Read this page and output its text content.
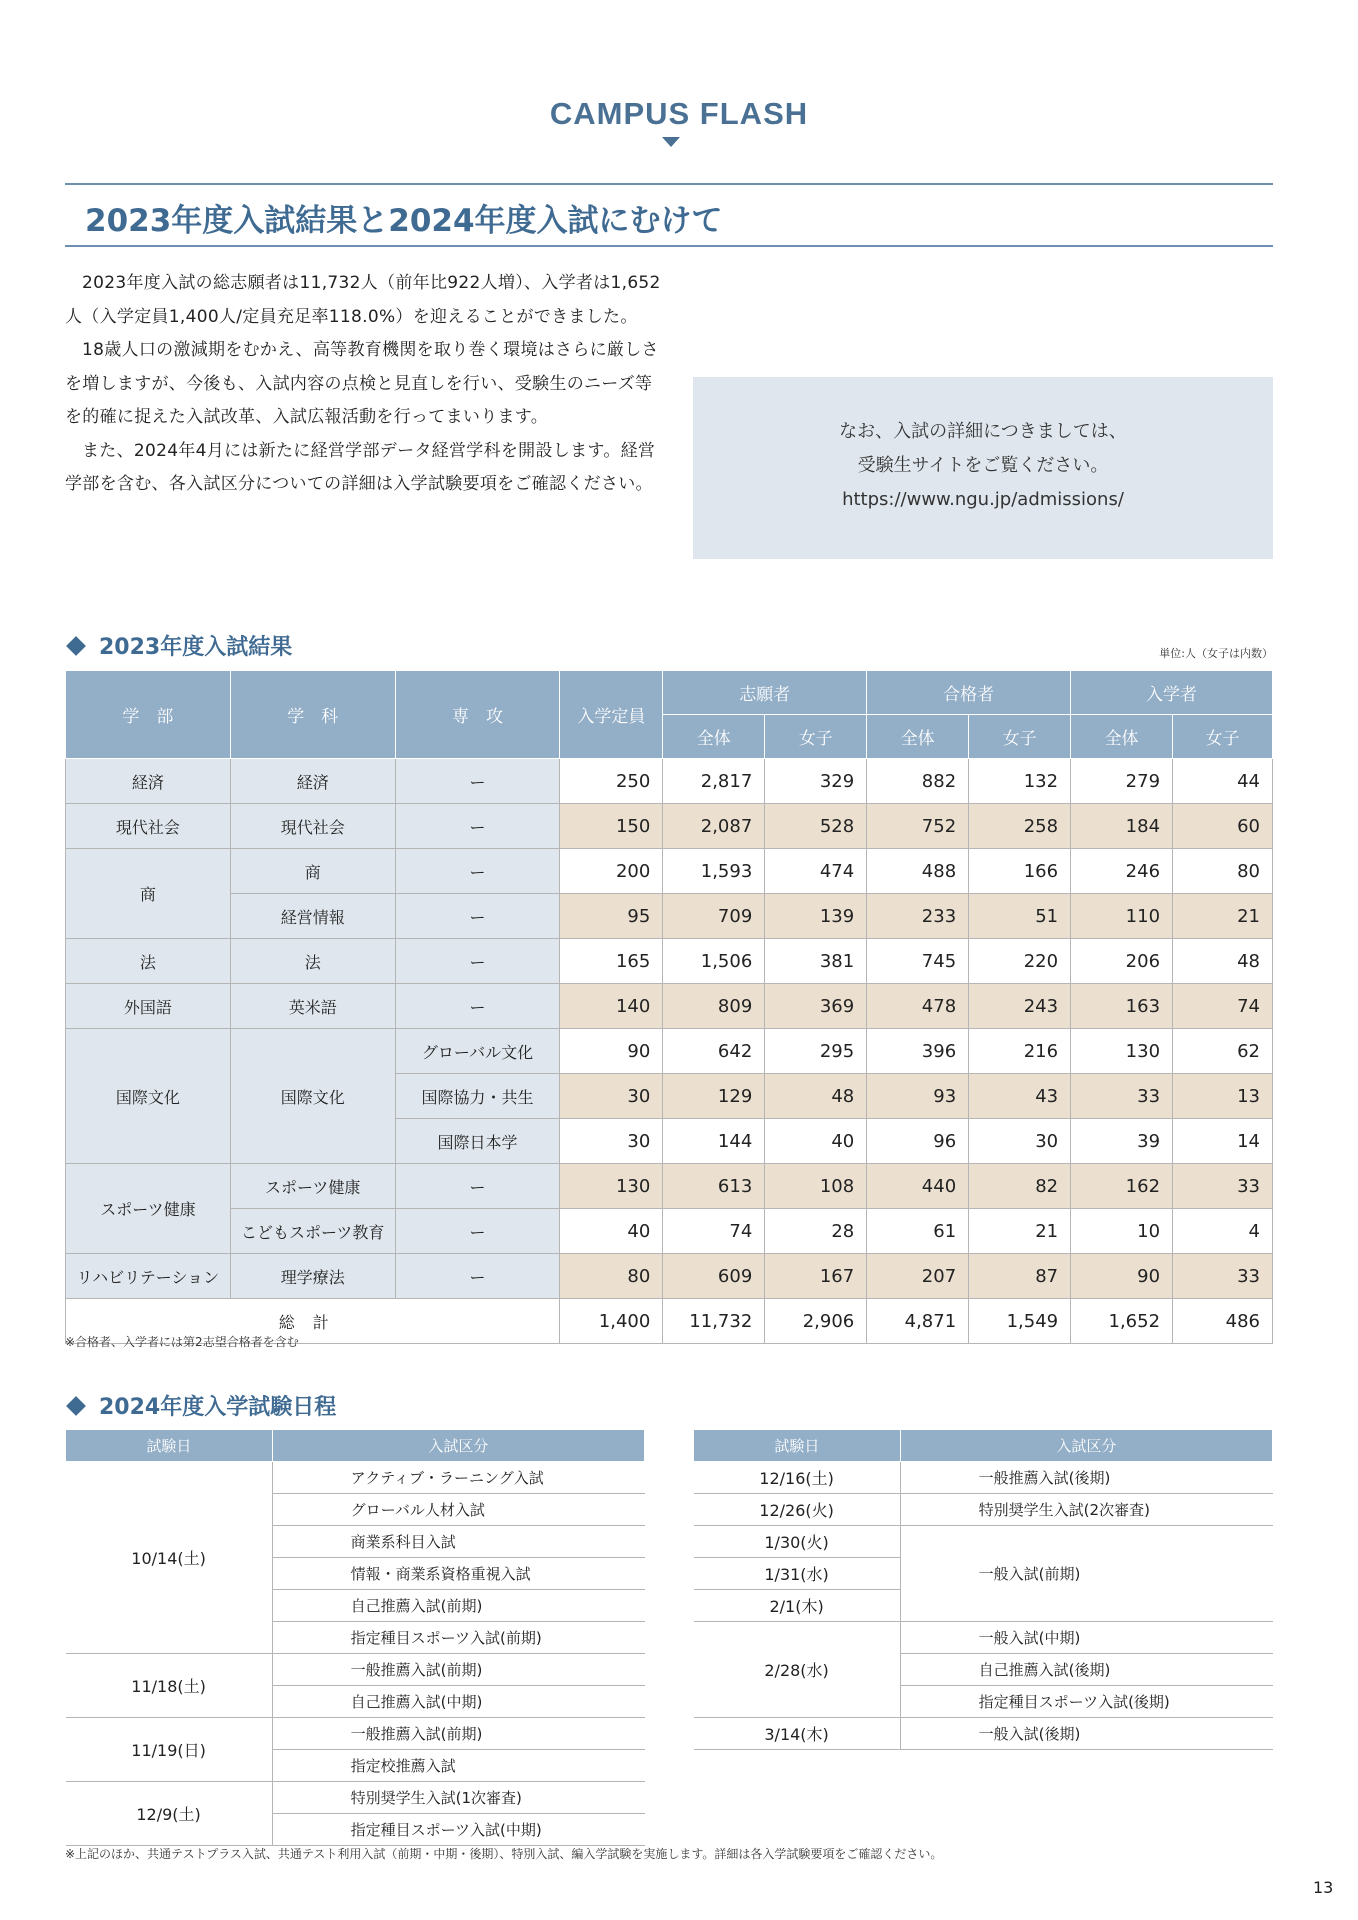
CAMPUS FLASH
2023年度入試結果と2024年度入試にむけて

2023年度入試の総志願者は11,732人（前年比922人増）、入学者は1,652人（入学定員1,400人/定員充足率118.0%）を迎えることができました。

18歳人口の激減期をむかえ、高等教育機関を取り巻く環境はさらに厳しさを増しますが、今後も、入試内容の点検と見直しを行い、受験生のニーズ等を的確に捉えた入試改革、入試広報活動を行ってまいります。

また、2024年4月には新たに経営学部データ経営学科を開設します。経営学部を含む、各入試区分についての詳細は入学試験要項をご確認ください。

なお、入試の詳細につきましては、
受験生サイトをご覧ください。
https://www.ngu.jp/admissions/
2023年度入試結果	単位:人（女子は内数）
学　部	学　科	専　攻	入学定員	志願者		合格者		入学者	
				全体	女子	全体	女子	全体	女子
経済	経済	ー	250	2,817	329	882	132	279	44
現代社会	現代社会	ー	150	2,087	528	752	258	184	60
商	商	ー	200	1,593	474	488	166	246	80
	経営情報	ー	95	709	139	233	51	110	21
法	法	ー	165	1,506	381	745	220	206	48
外国語	英米語	ー	140	809	369	478	243	163	74
国際文化	国際文化	グローバル文化	90	642	295	396	216	130	62
		国際協力・共生	30	129	48	93	43	33	13
		国際日本学	30	144	40	96	30	39	14
スポーツ健康	スポーツ健康	ー	130	613	108	440	82	162	33
	こどもスポーツ教育	ー	40	74	28	61	21	10	4
リハビリテーション	理学療法	ー	80	609	167	207	87	90	33
総計			1,400	11,732	2,906	4,871	1,549	1,652	486
※合格者、入学者には第2志望合格者を含む
2024年度入学試験日程
試験日	入試区分
10/14(土)	アクティブ・ラーニング入試
	グローバル人材入試
	商業系科目入試
	情報・商業系資格重視入試
	自己推薦入試(前期)
	指定種目スポーツ入試(前期)
11/18(土)	一般推薦入試(前期)
	自己推薦入試(中期)
11/19(日)	一般推薦入試(前期)
	指定校推薦入試
12/9(土)	特別奨学生入試(1次審査)
	指定種目スポーツ入試(中期)
試験日	入試区分
12/16(土)	一般推薦入試(後期)
12/26(火)	特別奨学生入試(2次審査)
1/30(火)	一般入試(前期)
1/31(水)	
2/1(木)	
2/28(水)	一般入試(中期)
	自己推薦入試(後期)
	指定種目スポーツ入試(後期)
3/14(木)	一般入試(後期)
※上記のほか、共通テストプラス入試、共通テスト利用入試（前期・中期・後期）、特別入試、編入学試験を実施します。詳細は各入学試験要項をご確認ください。
13
